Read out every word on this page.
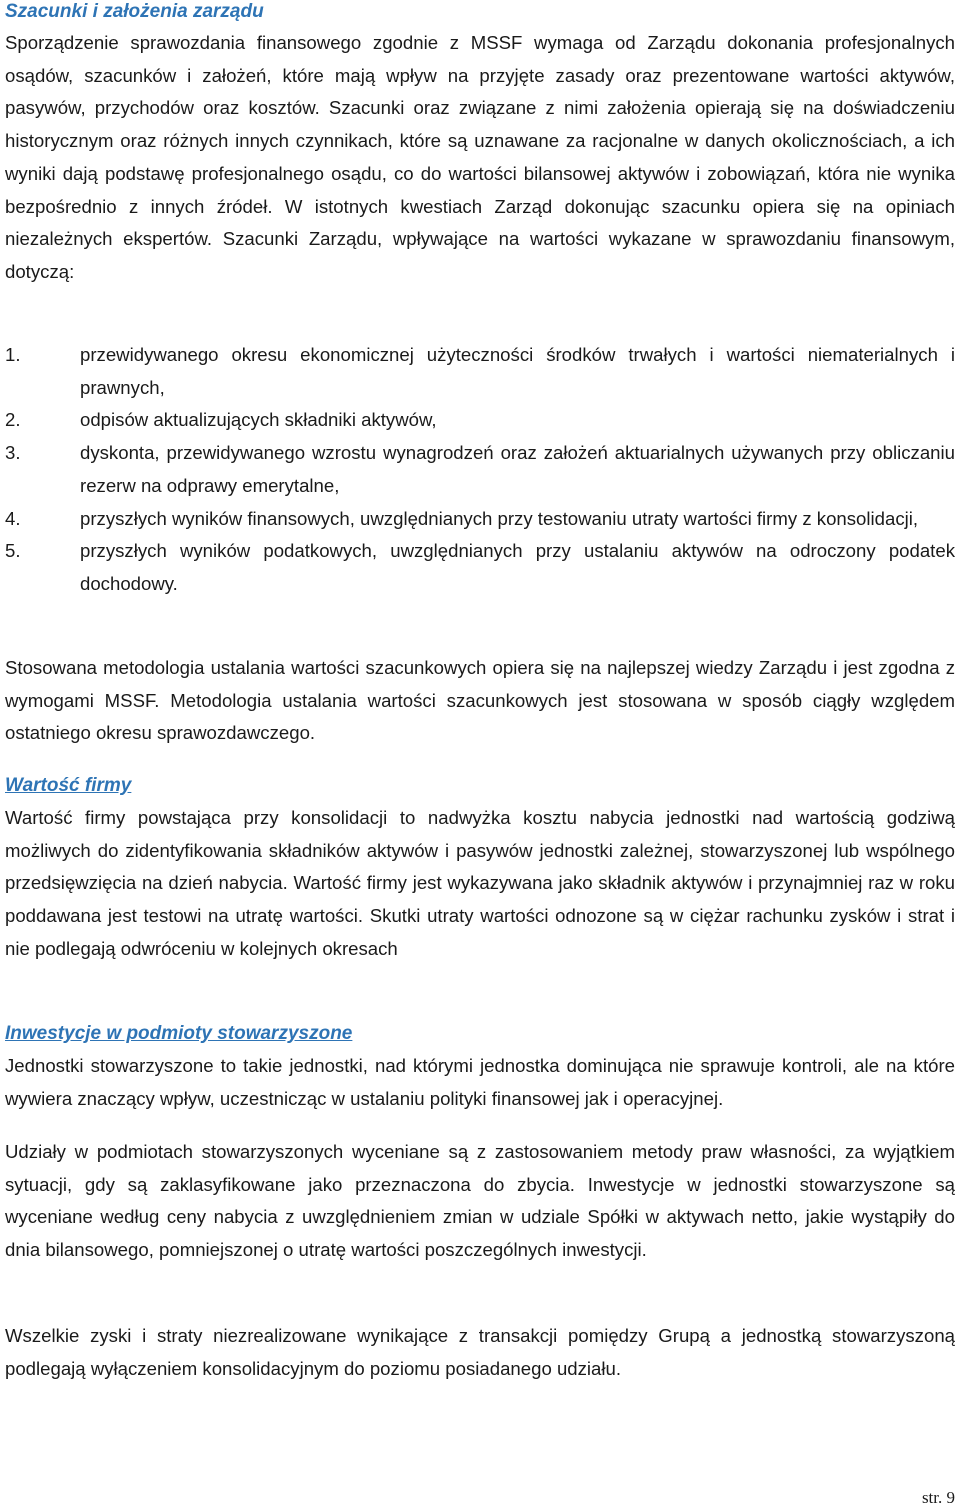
Szacunki i założenia zarządu

Sporządzenie sprawozdania finansowego zgodnie z MSSF wymaga od Zarządu dokonania profesjonalnych osądów, szacunków i założeń, które mają wpływ na przyjęte zasady oraz prezentowane wartości aktywów, pasywów, przychodów oraz kosztów. Szacunki oraz związane z nimi założenia opierają się na doświadczeniu historycznym oraz różnych innych czynnikach, które są uznawane za racjonalne w danych okolicznościach, a ich wyniki dają podstawę profesjonalnego osądu, co do wartości bilansowej aktywów i zobowiązań, która nie wynika bezpośrednio z innych źródeł. W istotnych kwestiach Zarząd dokonując szacunku opiera się na opiniach niezależnych ekspertów. Szacunki Zarządu, wpływające na wartości wykazane w sprawozdaniu finansowym, dotyczą:

1.	przewidywanego okresu ekonomicznej użyteczności środków trwałych i wartości niematerialnych i prawnych,
2.	odpisów aktualizujących składniki aktywów,
3.	dyskonta, przewidywanego wzrostu wynagrodzeń oraz założeń aktuarialnych używanych przy obliczaniu rezerw na odprawy emerytalne,
4.	przyszłych wyników finansowych, uwzględnianych przy testowaniu utraty wartości firmy z konsolidacji,
5.	przyszłych wyników podatkowych, uwzględnianych przy ustalaniu aktywów na odroczony podatek dochodowy.

Stosowana metodologia ustalania wartości szacunkowych opiera się na najlepszej wiedzy Zarządu i jest zgodna z wymogami MSSF. Metodologia ustalania wartości szacunkowych jest stosowana w sposób ciągły względem ostatniego okresu sprawozdawczego.

Wartość firmy

Wartość firmy powstająca przy konsolidacji to nadwyżka kosztu nabycia jednostki nad wartością godziwą możliwych do zidentyfikowania składników aktywów i pasywów jednostki zależnej, stowarzyszonej lub wspólnego przedsięwzięcia na dzień nabycia. Wartość firmy jest wykazywana jako składnik aktywów i przynajmniej raz w roku poddawana jest testowi na utratę wartości. Skutki utraty wartości odnozone są w ciężar rachunku zysków i strat i nie podlegają odwróceniu w kolejnych okresach

Inwestycje w podmioty stowarzyszone

Jednostki stowarzyszone to takie jednostki, nad którymi jednostka dominująca nie sprawuje kontroli, ale na które wywiera znaczący wpływ, uczestnicząc w ustalaniu polityki finansowej jak i operacyjnej.

Udziały w podmiotach stowarzyszonych wyceniane są z zastosowaniem metody praw własności, za wyjątkiem sytuacji, gdy są zaklasyfikowane jako przeznaczona do zbycia. Inwestycje w jednostki stowarzyszone są wyceniane według ceny nabycia z uwzględnieniem zmian w udziale Spółki w aktywach netto, jakie wystąpiły do dnia bilansowego, pomniejszonej o utratę wartości poszczególnych inwestycji.

Wszelkie zyski i straty niezrealizowane wynikające z transakcji pomiędzy Grupą a jednostką stowarzyszoną podlegają wyłączeniem konsolidacyjnym do poziomu posiadanego udziału.

str. 9
